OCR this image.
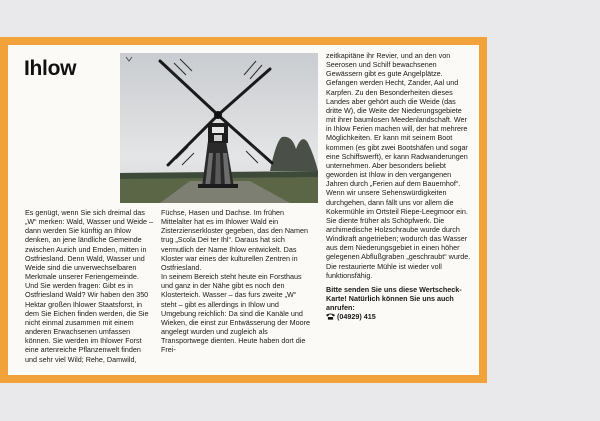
Ihlow

Es genügt, wenn Sie sich dreimal das „W“ merken: Wald, Wasser und Weide – dann werden Sie künftig an Ihlow denken, an jene ländliche Gemeinde zwischen Aurich und Emden, mitten in Ostfriesland. Denn Wald, Wasser und Weide sind die unverwechselbaren Merkmale unserer Feriengemeinde. Und Sie werden fragen: Gibt es in Ostfriesland Wald? Wir haben den 350 Hektar großen Ihlower Staatsforst, in dem Sie Eichen finden werden, die Sie nicht einmal zusammen mit einem anderen Erwachsenen umfassen können. Sie werden im Ihlower Forst eine artenreiche Pflanzenwelt finden und sehr viel Wild; Rehe, Damwild,

Füchse, Hasen und Dachse. Im frühen Mittelalter hat es im Ihlower Wald ein Zisterzienserkloster gegeben, das den Namen trug „Scola Dei ter Ihl“. Daraus hat sich vermutlich der Name Ihlow entwickelt. Das Kloster war eines der kulturellen Zentren in Ostfriesland.

In seinem Bereich steht heute ein Forsthaus und ganz in der Nähe gibt es noch den Klosterteich. Wasser – das furs zweite „W“ steht – gibt es allerdings in Ihlow und Umgebung reichlich: Da sind die Kanäle und Wieken, die einst zur Entwässerung der Moore angelegt wurden und zugleich als Transportwege dienten. Heute haben dort die Frei-

zeitkapitäne ihr Revier, und an den von Seerosen und Schilf bewachsenen Gewässern gibt es gute Angelplätze. Gefangen werden Hecht, Zander, Aal und Karpfen. Zu den Besonderheiten dieses Landes aber gehört auch die Weide (das dritte W), die Weite der Niederungsgebiete mit ihrer baumlosen Meedenlandschaft. Wer in Ihlow Ferien machen will, der hat mehrere Möglichkeiten. Er kann mit seinem Boot kommen (es gibt zwei Bootshäfen und sogar eine Schiffswerft), er kann Radwanderungen unternehmen. Aber besonders beliebt geworden ist Ihlow in den vergangenen Jahren durch „Ferien auf dem Bauernhof“. Wenn wir unsere Sehenswürdigkeiten durchgehen, dann fällt uns vor allem die Kokermühle im Ortsteil Riepe-Leegmoor ein. Sie diente früher als Schöpfwerk. Die archimedische Holzschraube wurde durch Windkraft angetrieben; wodurch das Wasser aus dem Niederungsgebiet in einen höher gelegenen Abflußgraben „geschraubt“ wurde. Die restaurierte Mühle ist wieder voll funktionsfähig.

Bitte senden Sie uns diese Wertscheck-Karte! Natürlich können Sie uns auch anrufen:

(04929) 415
